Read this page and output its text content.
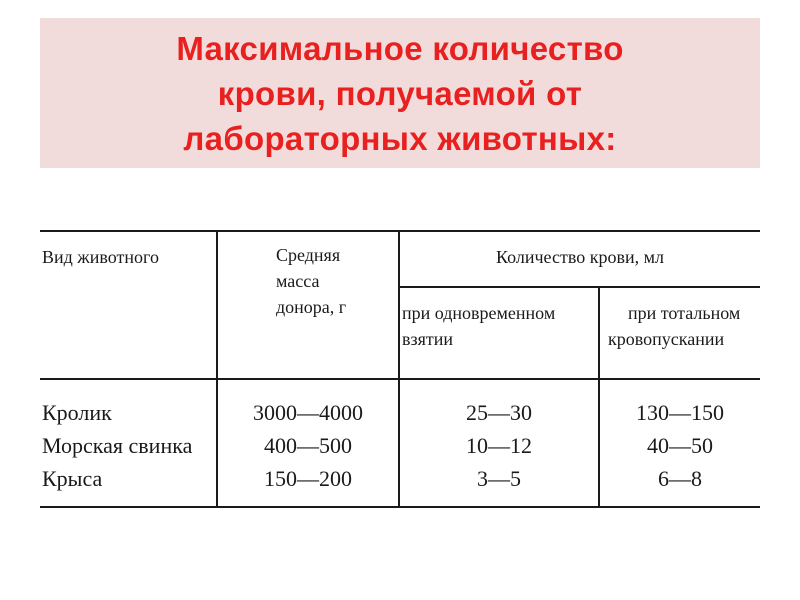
Максимальное количество
крови, получаемой от
лабораторных животных:
Вид животного	Средняя
масса
донора, г
Количество крови, мл
при одновременном
взятии
при тотальном
кровопускании
Кролик
Морская свинка
Крыса
3000—4000
400—500
150—200
25—30
10—12
3—5
130—150
40—50
6—8
